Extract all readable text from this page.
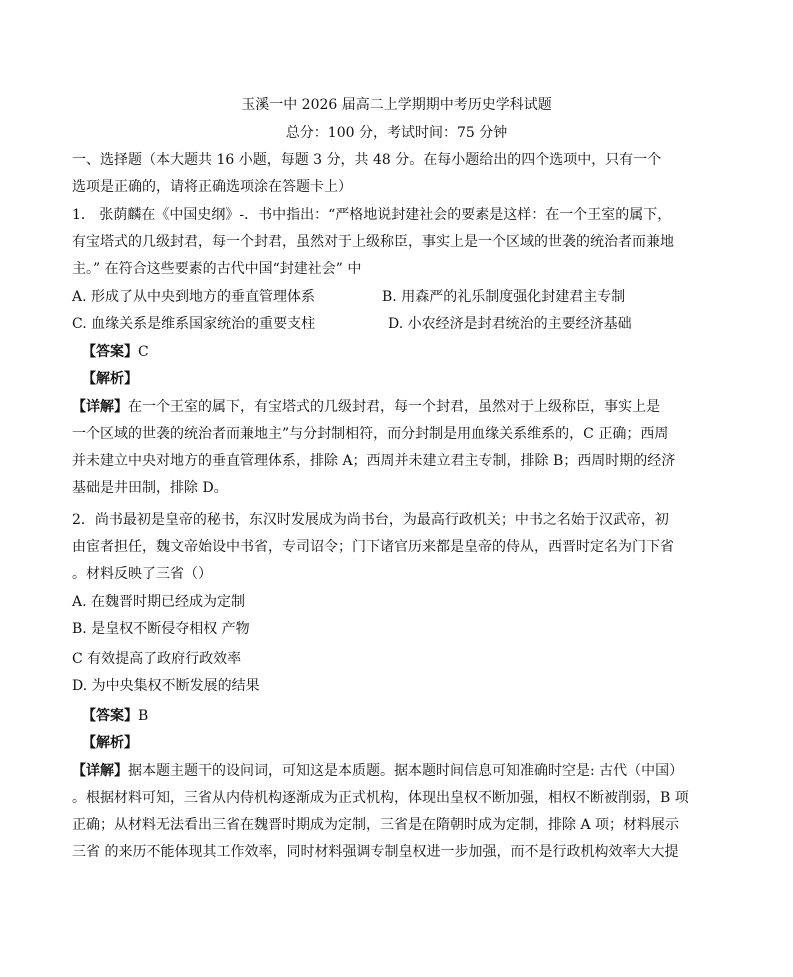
玉溪一中 2026 届高二上学期期中考历史学科试题
总分：100 分，考试时间：75 分钟
一、选择题（本大题共 16 小题，每题 3 分，共 48 分。在每小题给出的四个选项中，只有一个
选项是正确的，请将正确选项涂在答题卡上）
1． 张荫麟在《中国史纲》-．书中指出：“严格地说封建社会的要素是这样：在一个王室的属下，
有宝塔式的几级封君，每一个封君，虽然对于上级称臣，事实上是一个区域的世袭的统治者而兼地
主。” 在符合这些要素的古代中国“封建社会” 中
A. 形成了从中央到地方的垂直管理体系	B. 用森严的礼乐制度强化封建君主专制
C. 血缘关系是维系国家统治的重要支柱	D. 小农经济是封君统治的主要经济基础
【答案】C
【解析】
【详解】在一个王室的属下，有宝塔式的几级封君，每一个封君，虽然对于上级称臣，事实上是
一个区域的世袭的统治者而兼地主”与分封制相符，而分封制是用血缘关系维系的，C 正确；西周
并未建立中央对地方的垂直管理体系，排除 A；西周并未建立君主专制，排除 B；西周时期的经济
基础是井田制，排除 D。
2．尚书最初是皇帝的秘书，东汉时发展成为尚书台，为最高行政机关；中书之名始于汉武帝，初
由宦者担任，魏文帝始设中书省，专司诏令；门下诸官历来都是皇帝的侍从，西晋时定名为门下省
。材料反映了三省（）
A. 在魏晋时期已经成为定制
B. 是皇权不断侵夺相权 产物
C 有效提高了政府行政效率
D. 为中央集权不断发展的结果
【答案】B
【解析】
【详解】据本题主题干的设问词，可知这是本质题。据本题时间信息可知准确时空是: 古代（中国）
。根据材料可知，三省从内侍机构逐渐成为正式机构，体现出皇权不断加强，相权不断被削弱，B 项
正确；从材料无法看出三省在魏晋时期成为定制，三省是在隋朝时成为定制，排除 A 项；材料展示
三省 的来历不能体现其工作效率，同时材料强调专制皇权进一步加强，而不是行政机构效率大大提
